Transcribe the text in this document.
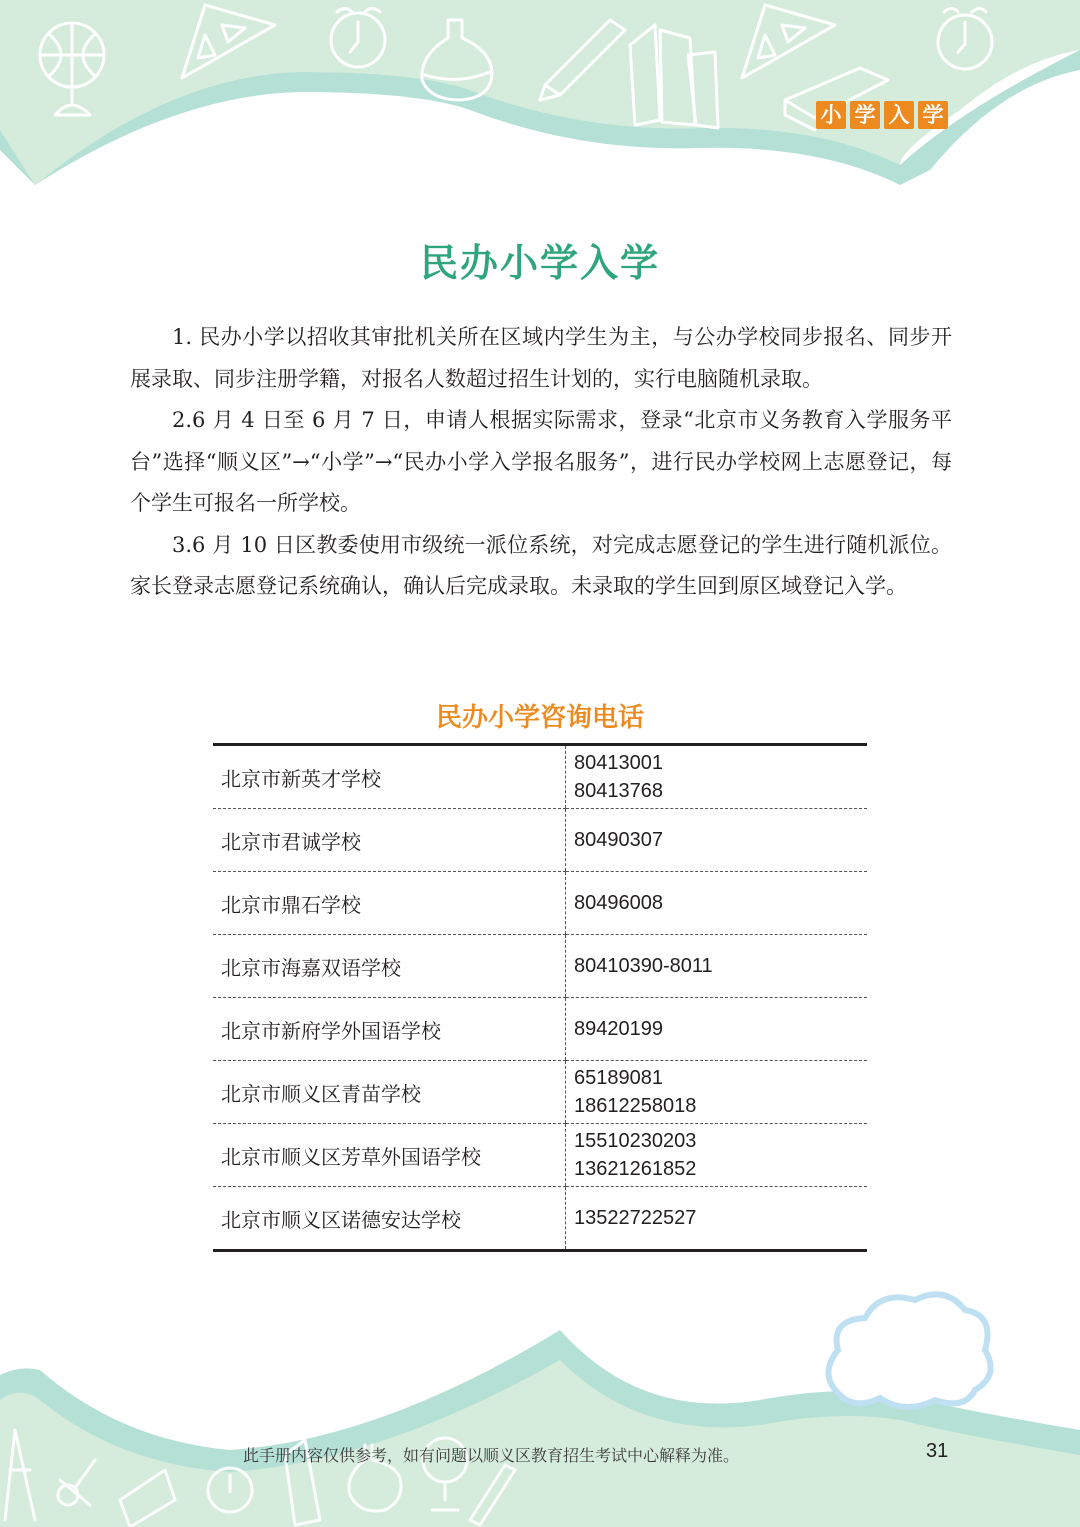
小 学 入 学
民办小学入学

1. 民办小学以招收其审批机关所在区域内学生为主，与公办学校同步报名、同步开展录取、同步注册学籍，对报名人数超过招生计划的，实行电脑随机录取。

2.6 月 4 日至 6 月 7 日，申请人根据实际需求，登录“北京市义务教育入学服务平台”选择“顺义区”→“小学”→“民办小学入学报名服务”，进行民办学校网上志愿登记，每个学生可报名一所学校。

3.6 月 10 日区教委使用市级统一派位系统，对完成志愿登记的学生进行随机派位。家长登录志愿登记系统确认，确认后完成录取。未录取的学生回到原区域登记入学。

民办小学咨询电话
北京市新英才学校	80413001
80413768

北京市君诚学校	80490307

北京市鼎石学校	80496008

北京市海嘉双语学校	80410390-8011

北京市新府学外国语学校	89420199

北京市顺义区青苗学校	65189081
18612258018

北京市顺义区芳草外国语学校	15510230203
13621261852

北京市顺义区诺德安达学校	13522722527
此手册内容仅供参考，如有问题以顺义区教育招生考试中心解释为准。	31
